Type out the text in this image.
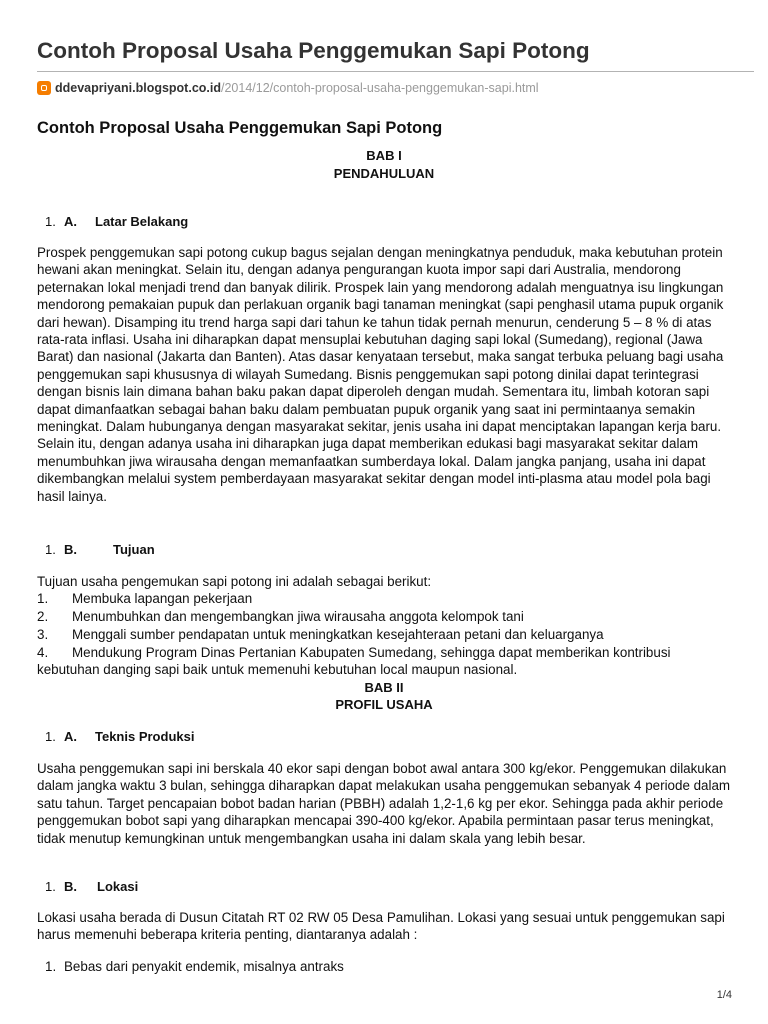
Contoh Proposal Usaha Penggemukan Sapi Potong
ddevapriyani.blogspot.co.id /2014/12/contoh-proposal-usaha-penggemukan-sapi.html
Contoh Proposal Usaha Penggemukan Sapi Potong
BAB I
PENDAHULUAN
1. A. Latar Belakang

Prospek penggemukan sapi potong cukup bagus sejalan dengan meningkatnya penduduk, maka kebutuhan protein hewani akan meningkat. Selain itu, dengan adanya pengurangan kuota impor sapi dari Australia, mendorong peternakan lokal menjadi trend dan banyak dilirik. Prospek lain yang mendorong adalah menguatnya isu lingkungan mendorong pemakaian pupuk dan perlakuan organik bagi tanaman meningkat (sapi penghasil utama pupuk organik dari hewan). Disamping itu trend harga sapi dari tahun ke tahun tidak pernah menurun, cenderung 5 – 8 % di atas rata-rata inflasi. Usaha ini diharapkan dapat mensuplai kebutuhan daging sapi lokal (Sumedang), regional (Jawa Barat) dan nasional (Jakarta dan Banten). Atas dasar kenyataan tersebut, maka sangat terbuka peluang bagi usaha penggemukan sapi khususnya di wilayah Sumedang. Bisnis penggemukan sapi potong dinilai dapat terintegrasi dengan bisnis lain dimana bahan baku pakan dapat diperoleh dengan mudah. Sementara itu, limbah kotoran sapi dapat dimanfaatkan sebagai bahan baku dalam pembuatan pupuk organik yang saat ini permintaanya semakin meningkat. Dalam hubunganya dengan masyarakat sekitar, jenis usaha ini dapat menciptakan lapangan kerja baru. Selain itu, dengan adanya usaha ini diharapkan juga dapat memberikan edukasi bagi masyarakat sekitar dalam menumbuhkan jiwa wirausaha dengan memanfaatkan sumberdaya lokal. Dalam jangka panjang, usaha ini dapat dikembangkan melalui system pemberdayaan masyarakat sekitar dengan model inti-plasma atau model pola bagi hasil lainya.

1. B.	Tujuan
Tujuan usaha pengemukan sapi potong ini adalah sebagai berikut:
1. Membuka lapangan pekerjaan
2. Menumbuhkan dan mengembangkan jiwa wirausaha anggota kelompok tani
3. Menggali sumber pendapatan untuk meningkatkan kesejahteraan petani dan keluarganya
4. Mendukung Program Dinas Pertanian Kabupaten Sumedang, sehingga dapat memberikan kontribusi
kebutuhan danging sapi baik untuk memenuhi kebutuhan local maupun nasional.
BAB II
PROFIL USAHA
1. A. Teknis Produksi

Usaha penggemukan sapi ini berskala 40 ekor sapi dengan bobot awal antara 300 kg/ekor. Penggemukan dilakukan dalam jangka waktu 3 bulan, sehingga diharapkan dapat melakukan usaha penggemukan sebanyak 4 periode dalam satu tahun. Target pencapaian bobot badan harian (PBBH) adalah 1,2-1,6 kg per ekor. Sehingga pada akhir periode penggemukan bobot sapi yang diharapkan mencapai 390-400 kg/ekor. Apabila permintaan pasar terus meningkat, tidak menutup kemungkinan untuk mengembangkan usaha ini dalam skala yang lebih besar.

1. B. Lokasi

Lokasi usaha berada di Dusun Citatah RT 02 RW 05 Desa Pamulihan. Lokasi yang sesuai untuk penggemukan sapi harus memenuhi beberapa kriteria penting, diantaranya adalah :

1. Bebas dari penyakit endemik, misalnya antraks
1/4
